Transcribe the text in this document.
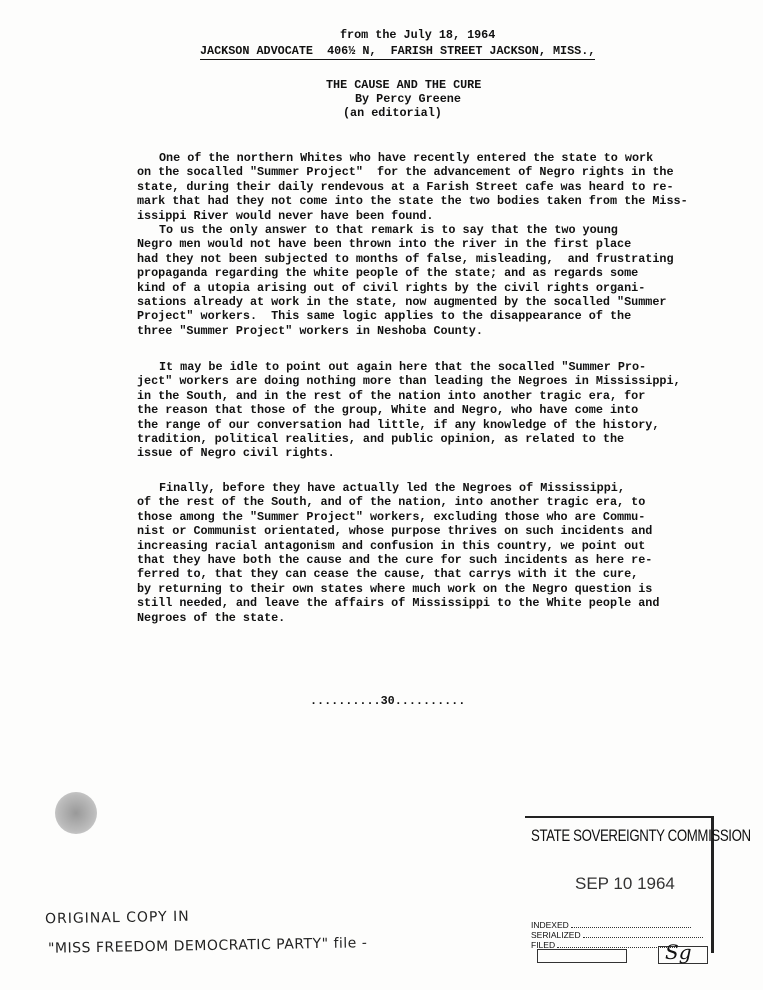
from the July 18, 1964
JACKSON ADVOCATE  406½ N,  FARISH STREET JACKSON, MISS.,
THE CAUSE AND THE CURE
By Percy Greene
(an editorial)
One of the northern Whites who have recently entered the state to work
on the socalled "Summer Project"  for the advancement of Negro rights in the
state, during their daily rendevous at a Farish Street cafe was heard to re-
mark that had they not come into the state the two bodies taken from the Miss-
issippi River would never have been found.
To us the only answer to that remark is to say that the two young
Negro men would not have been thrown into the river in the first place
had they not been subjected to months of false, misleading,  and frustrating
propaganda regarding the white people of the state; and as regards some
kind of a utopia arising out of civil rights by the civil rights organi-
sations already at work in the state, now augmented by the socalled "Summer
Project" workers.  This same logic applies to the disappearance of the
three "Summer Project" workers in Neshoba County.
It may be idle to point out again here that the socalled "Summer Pro-
ject" workers are doing nothing more than leading the Negroes in Mississippi,
in the South, and in the rest of the nation into another tragic era, for
the reason that those of the group, White and Negro, who have come into
the range of our conversation had little, if any knowledge of the history,
tradition, political realities, and public opinion, as related to the
issue of Negro civil rights.
Finally, before they have actually led the Negroes of Mississippi,
of the rest of the South, and of the nation, into another tragic era, to
those among the "Summer Project" workers, excluding those who are Commu-
nist or Communist orientated, whose purpose thrives on such incidents and
increasing racial antagonism and confusion in this country, we point out
that they have both the cause and the cure for such incidents as here re-
ferred to, that they can cease the cause, that carrys with it the cure,
by returning to their own states where much work on the Negro question is
still needed, and leave the affairs of Mississippi to the White people and
Negroes of the state.
..........30..........
STATE SOVEREIGNTY COMMISSION
SEP 10 1964
INDEXED
SERIALIZED
FILED	Sg
ORIGINAL COPY IN
"MISS FREEDOM DEMOCRATIC PARTY" file -
